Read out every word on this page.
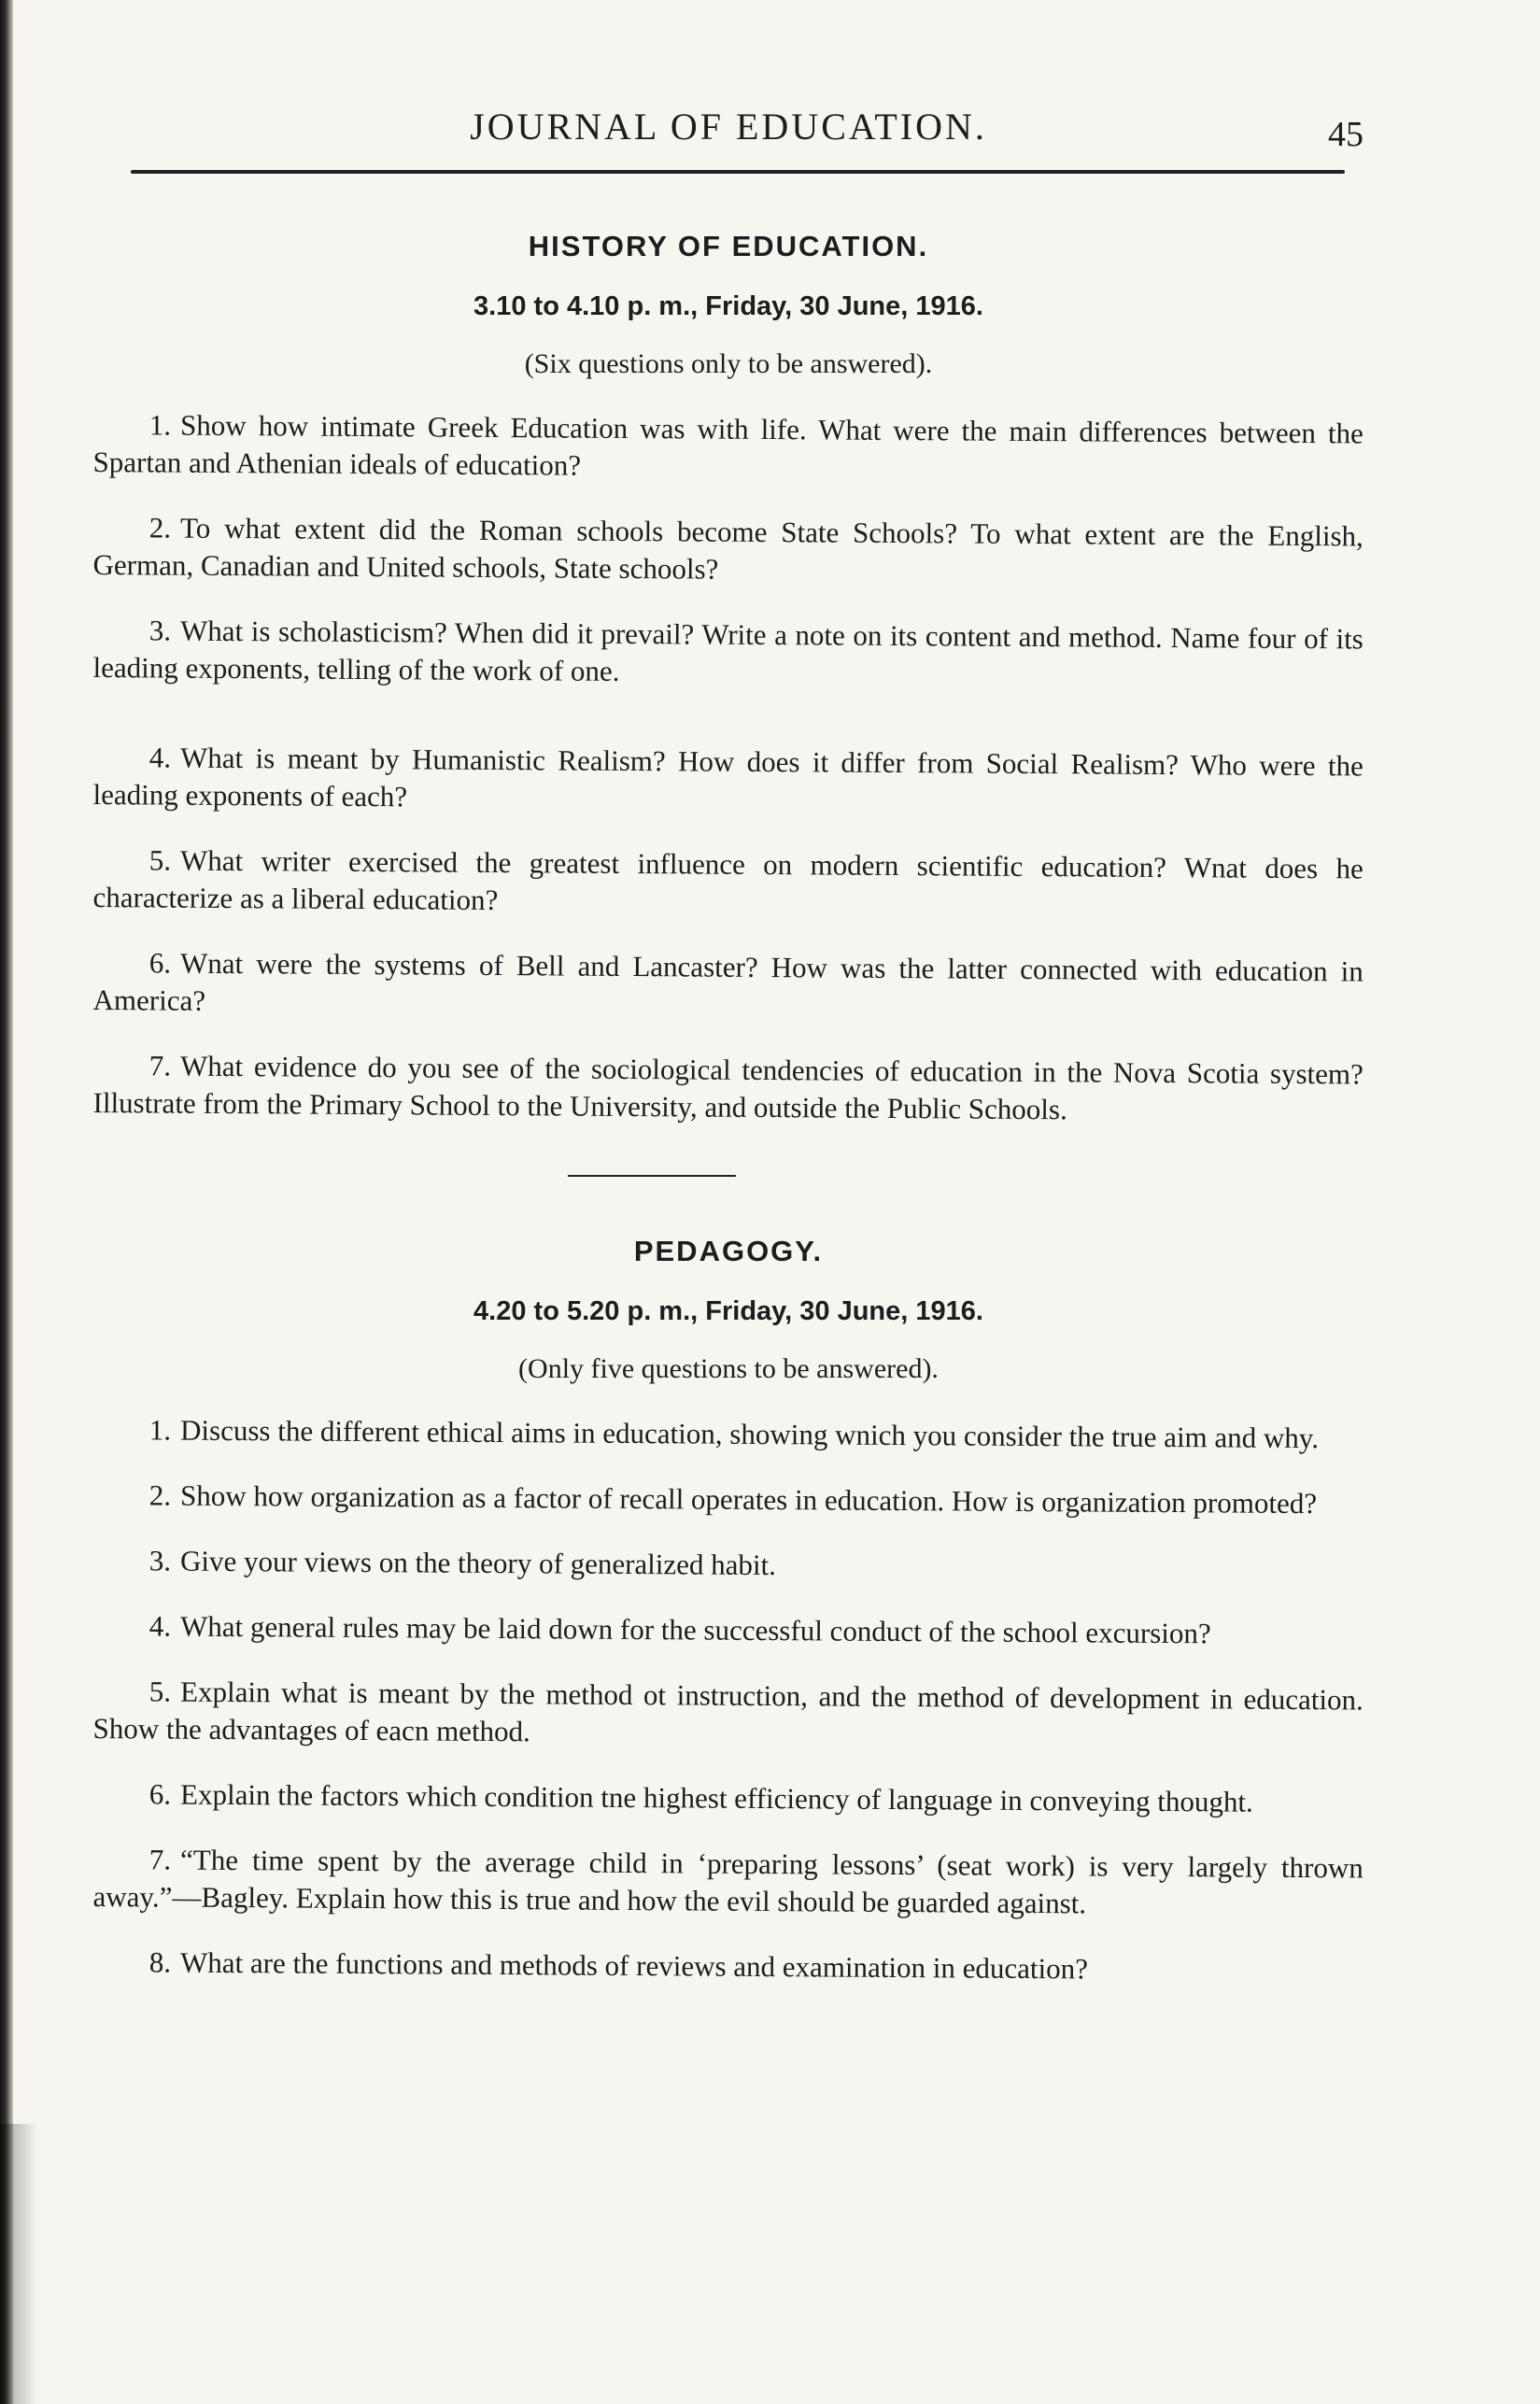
JOURNAL OF EDUCATION.	45
HISTORY OF EDUCATION.
3.10 to 4.10 p. m., Friday, 30 June, 1916.
(Six questions only to be answered).
1. Show how intimate Greek Education was with life. What were the main differences between the Spartan and Athenian ideals of education?
2. To what extent did the Roman schools become State Schools? To what extent are the English, German, Canadian and United schools, State schools?
3. What is scholasticism? When did it prevail? Write a note on its content and method. Name four of its leading exponents, telling of the work of one.
4. What is meant by Humanistic Realism? How does it differ from Social Realism? Who were the leading exponents of each?
5. What writer exercised the greatest influence on modern scientific education? Wnat does he characterize as a liberal education?
6. Wnat were the systems of Bell and Lancaster? How was the latter connected with education in America?
7. What evidence do you see of the sociological tendencies of education in the Nova Scotia system? Illustrate from the Primary School to the University, and outside the Public Schools.
PEDAGOGY.
4.20 to 5.20 p. m., Friday, 30 June, 1916.
(Only five questions to be answered).
1. Discuss the different ethical aims in education, showing wnich you consider the true aim and why.
2. Show how organization as a factor of recall operates in education. How is organization promoted?
3. Give your views on the theory of generalized habit.
4. What general rules may be laid down for the successful conduct of the school excursion?
5. Explain what is meant by the method ot instruction, and the method of development in education. Show the advantages of eacn method.
6. Explain the factors which condition tne highest efficiency of language in conveying thought.
7. “The time spent by the average child in ‘preparing lessons’ (seat work) is very largely thrown away.”—Bagley. Explain how this is true and how the evil should be guarded against.
8. What are the functions and methods of reviews and examination in education?
